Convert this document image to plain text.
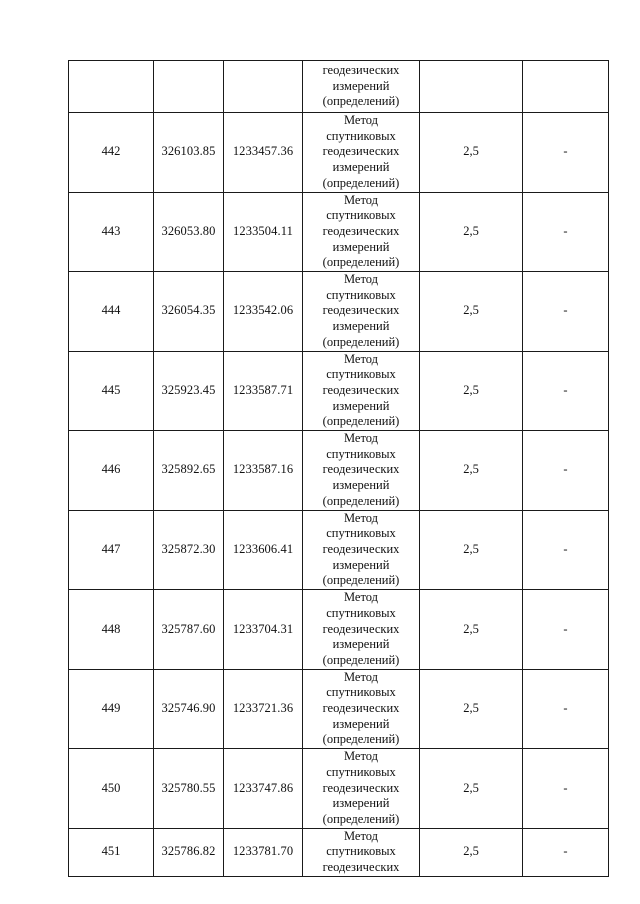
			геодезических
измерений
(определений)		

442	326103.85	1233457.36	Метод
спутниковых
геодезических
измерений
(определений)	2,5	-
443	326053.80	1233504.11	Метод
спутниковых
геодезических
измерений
(определений)	2,5	-
444	326054.35	1233542.06	Метод
спутниковых
геодезических
измерений
(определений)	2,5	-
445	325923.45	1233587.71	Метод
спутниковых
геодезических
измерений
(определений)	2,5	-
446	325892.65	1233587.16	Метод
спутниковых
геодезических
измерений
(определений)	2,5	-
447	325872.30	1233606.41	Метод
спутниковых
геодезических
измерений
(определений)	2,5	-
448	325787.60	1233704.31	Метод
спутниковых
геодезических
измерений
(определений)	2,5	-
449	325746.90	1233721.36	Метод
спутниковых
геодезических
измерений
(определений)	2,5	-
450	325780.55	1233747.86	Метод
спутниковых
геодезических
измерений
(определений)	2,5	-
451	325786.82	1233781.70	Метод
спутниковых
геодезических	2,5	-
